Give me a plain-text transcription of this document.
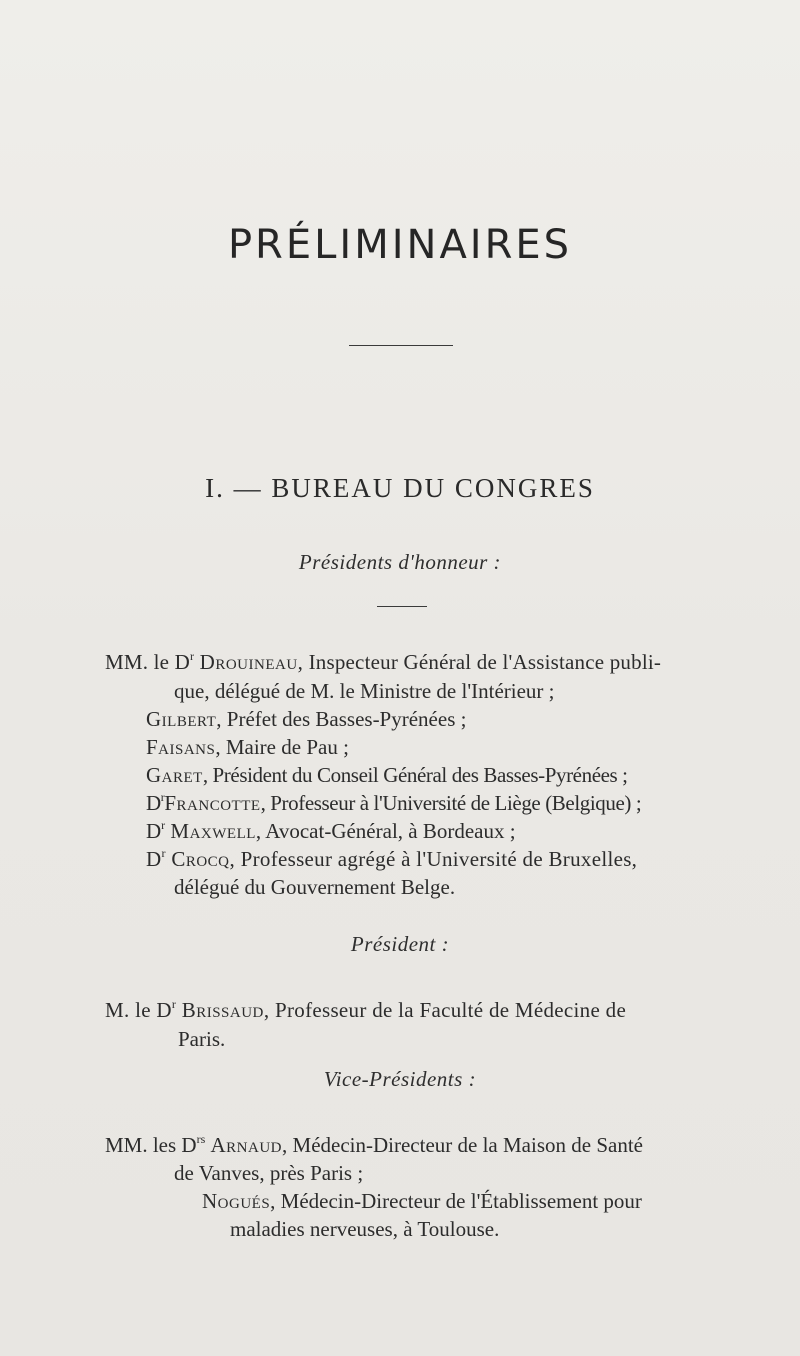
PRÉLIMINAIRES
I. — BUREAU DU CONGRES
Présidents d'honneur :
MM. le $D^r$ Drouineau, Inspecteur Général de l'Assistance publi-
que, délégué de M. le Ministre de l'Intérieur ;
Gilbert, Préfet des Basses-Pyrénées ;
Faisans, Maire de Pau ;
Garet, Président du Conseil Général des Basses-Pyrénées ;
$D^rFrancotte$, Professeur à l'Université de Liège (Belgique) ;
$D^r$ Maxwell, Avocat-Général, à Bordeaux ;
$D^r$ Crocq, Professeur agrégé à l'Université de Bruxelles,
délégué du Gouvernement Belge.
Président :
M. le $D^r$ Brissaud, Professeur de la Faculté de Médecine de
Paris.
Vice-Présidents :
MM. les $D^{rs}$ Arnaud, Médecin-Directeur de la Maison de Santé
de Vanves, près Paris ;
Nogués, Médecin-Directeur de l'Établissement pour
maladies nerveuses, à Toulouse.
